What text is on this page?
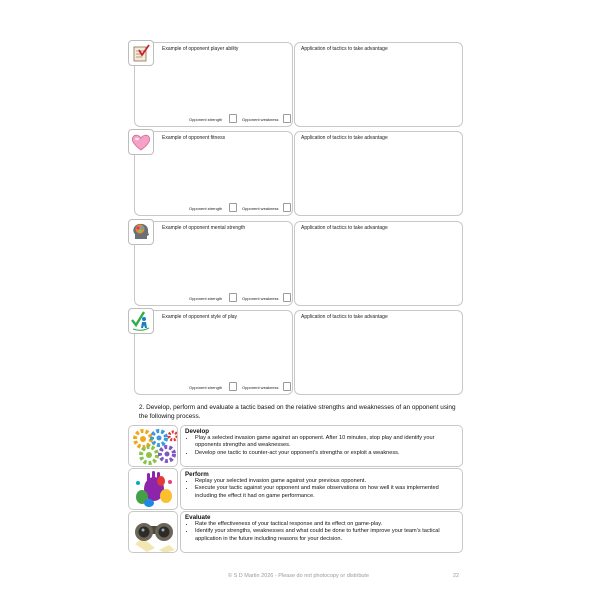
Example of opponent player ability
Opponent strength	Opponent weakness
Application of tactics to take advantage
Example of opponent fitness
Opponent strength	Opponent weakness
Application of tactics to take advantage
Example of opponent mental strength
Opponent strength	Opponent weakness
Application of tactics to take advantage
Example of opponent style of play
Opponent strength	Opponent weakness
Application of tactics to take advantage
2. Develop, perform and evaluate a tactic based on the relative strengths and weaknesses of an opponent using the following process.
Develop
• Play a selected invasion game against an opponent. After 10 minutes, stop play and identify your opponents strengths and weaknesses.
• Develop one tactic to counter-act your opponent’s strengths or exploit a weakness.
Perform
• Replay your selected invasion game against your previous opponent.
• Execute your tactic against your opponent and make observations on how well it was implemented including the effect it had on game performance.
Evaluate
• Rate the effectiveness of your tactical response and its effect on game-play.
• Identify your strengths, weaknesses and what could be done to further improve your team’s tactical application in the future including reasons for your decision.
© S D Martin 2026 - Please do not photocopy or distribute	22
